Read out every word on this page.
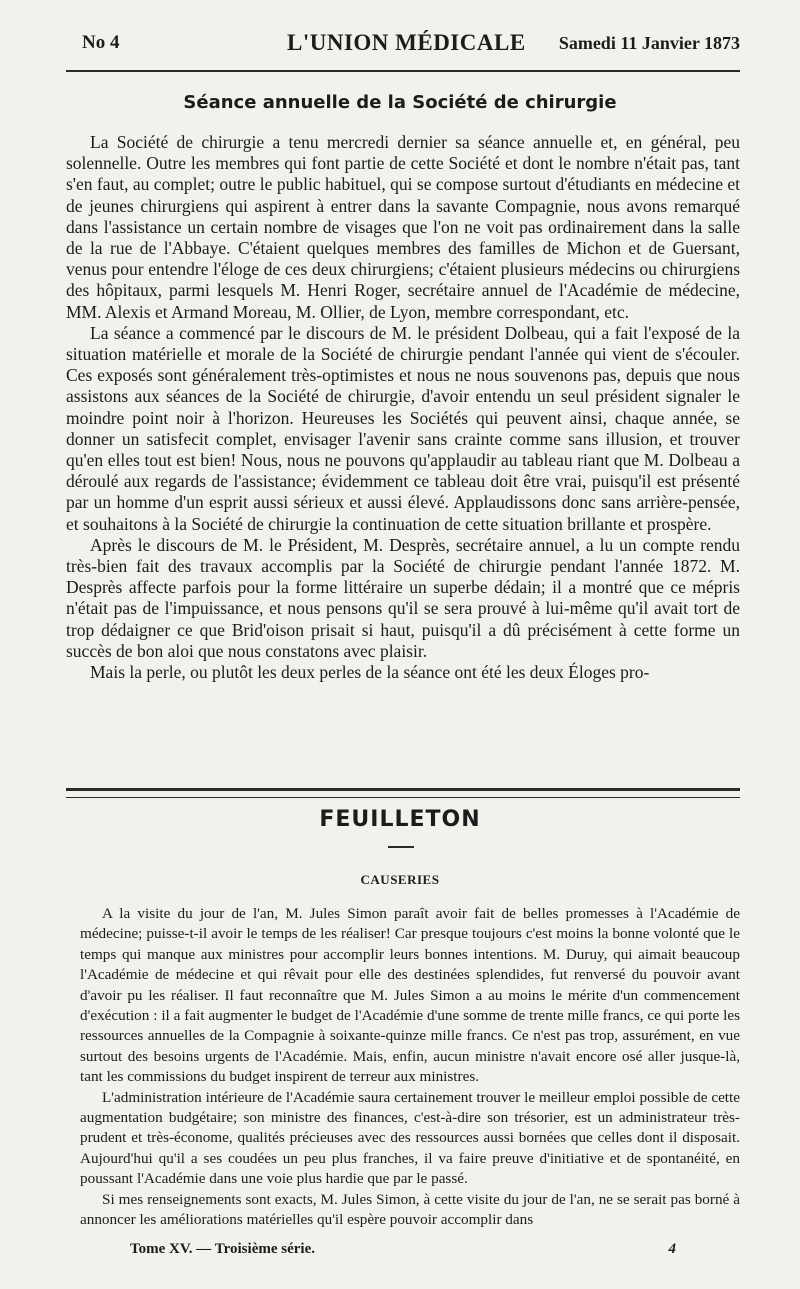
No 4	L'UNION MÉDICALE Samedi 11 Janvier 1873
Séance annuelle de la Société de chirurgie

La Société de chirurgie a tenu mercredi dernier sa séance annuelle et, en général, peu solennelle. Outre les membres qui font partie de cette Société et dont le nombre n'était pas, tant s'en faut, au complet; outre le public habituel, qui se compose surtout d'étudiants en médecine et de jeunes chirurgiens qui aspirent à entrer dans la savante Compagnie, nous avons remarqué dans l'assistance un certain nombre de visages que l'on ne voit pas ordinairement dans la salle de la rue de l'Abbaye. C'étaient quelques membres des familles de Michon et de Guersant, venus pour entendre l'éloge de ces deux chirurgiens; c'étaient plusieurs médecins ou chirurgiens des hôpitaux, parmi lesquels M. Henri Roger, secrétaire annuel de l'Académie de médecine, MM. Alexis et Armand Moreau, M. Ollier, de Lyon, membre correspondant, etc.

La séance a commencé par le discours de M. le président Dolbeau, qui a fait l'exposé de la situation matérielle et morale de la Société de chirurgie pendant l'année qui vient de s'écouler. Ces exposés sont généralement très-optimistes et nous ne nous souvenons pas, depuis que nous assistons aux séances de la Société de chirurgie, d'avoir entendu un seul président signaler le moindre point noir à l'horizon. Heureuses les Sociétés qui peuvent ainsi, chaque année, se donner un satisfecit complet, envisager l'avenir sans crainte comme sans illusion, et trouver qu'en elles tout est bien! Nous, nous ne pouvons qu'applaudir au tableau riant que M. Dolbeau a déroulé aux regards de l'assistance; évidemment ce tableau doit être vrai, puisqu'il est présenté par un homme d'un esprit aussi sérieux et aussi élevé. Applaudissons donc sans arrière-pensée, et souhaitons à la Société de chirurgie la continuation de cette situation brillante et prospère.

Après le discours de M. le Président, M. Desprès, secrétaire annuel, a lu un compte rendu très-bien fait des travaux accomplis par la Société de chirurgie pendant l'année 1872. M. Desprès affecte parfois pour la forme littéraire un superbe dédain; il a montré que ce mépris n'était pas de l'impuissance, et nous pensons qu'il se sera prouvé à lui-même qu'il avait tort de trop dédaigner ce que Brid'oison prisait si haut, puisqu'il a dû précisément à cette forme un succès de bon aloi que nous constatons avec plaisir.

Mais la perle, ou plutôt les deux perles de la séance ont été les deux Éloges pro-

FEUILLETON
CAUSERIES

A la visite du jour de l'an, M. Jules Simon paraît avoir fait de belles promesses à l'Académie de médecine; puisse-t-il avoir le temps de les réaliser! Car presque toujours c'est moins la bonne volonté que le temps qui manque aux ministres pour accomplir leurs bonnes intentions. M. Duruy, qui aimait beaucoup l'Académie de médecine et qui rêvait pour elle des destinées splendides, fut renversé du pouvoir avant d'avoir pu les réaliser. Il faut reconnaître que M. Jules Simon a au moins le mérite d'un commencement d'exécution : il a fait augmenter le budget de l'Académie d'une somme de trente mille francs, ce qui porte les ressources annuelles de la Compagnie à soixante-quinze mille francs. Ce n'est pas trop, assurément, en vue surtout des besoins urgents de l'Académie. Mais, enfin, aucun ministre n'avait encore osé aller jusque-là, tant les commissions du budget inspirent de terreur aux ministres.

L'administration intérieure de l'Académie saura certainement trouver le meilleur emploi possible de cette augmentation budgétaire; son ministre des finances, c'est-à-dire son trésorier, est un administrateur très-prudent et très-économe, qualités précieuses avec des ressources aussi bornées que celles dont il disposait. Aujourd'hui qu'il a ses coudées un peu plus franches, il va faire preuve d'initiative et de spontanéité, en poussant l'Académie dans une voie plus hardie que par le passé.

Si mes renseignements sont exacts, M. Jules Simon, à cette visite du jour de l'an, ne se serait pas borné à annoncer les améliorations matérielles qu'il espère pouvoir accomplir dans

Tome XV. — Troisième série.	4
